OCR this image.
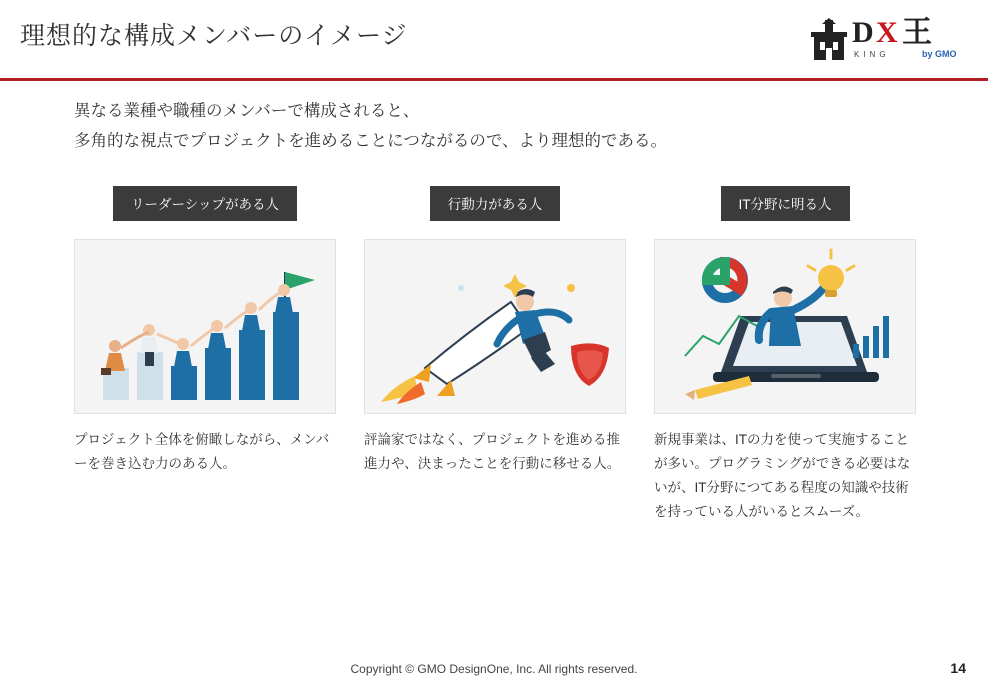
理想的な構成メンバーのイメージ	D X 王
KING	by GMO
異なる業種や職種のメンバーで構成されると、
多角的な視点でプロジェクトを進めることにつながるので、より理想的である。
リーダーシップがある人
プロジェクト全体を俯瞰しながら、メンバーを巻き込む力のある人。
行動力がある人
評論家ではなく、プロジェクトを進める推進力や、決まったことを行動に移せる人。
IT分野に明る人
新規事業は、ITの力を使って実施することが多い。プログラミングができる必要はないが、IT分野につてある程度の知識や技術を持っている人がいるとスムーズ。
Copyright © GMO DesignOne, Inc. All rights reserved.	14
